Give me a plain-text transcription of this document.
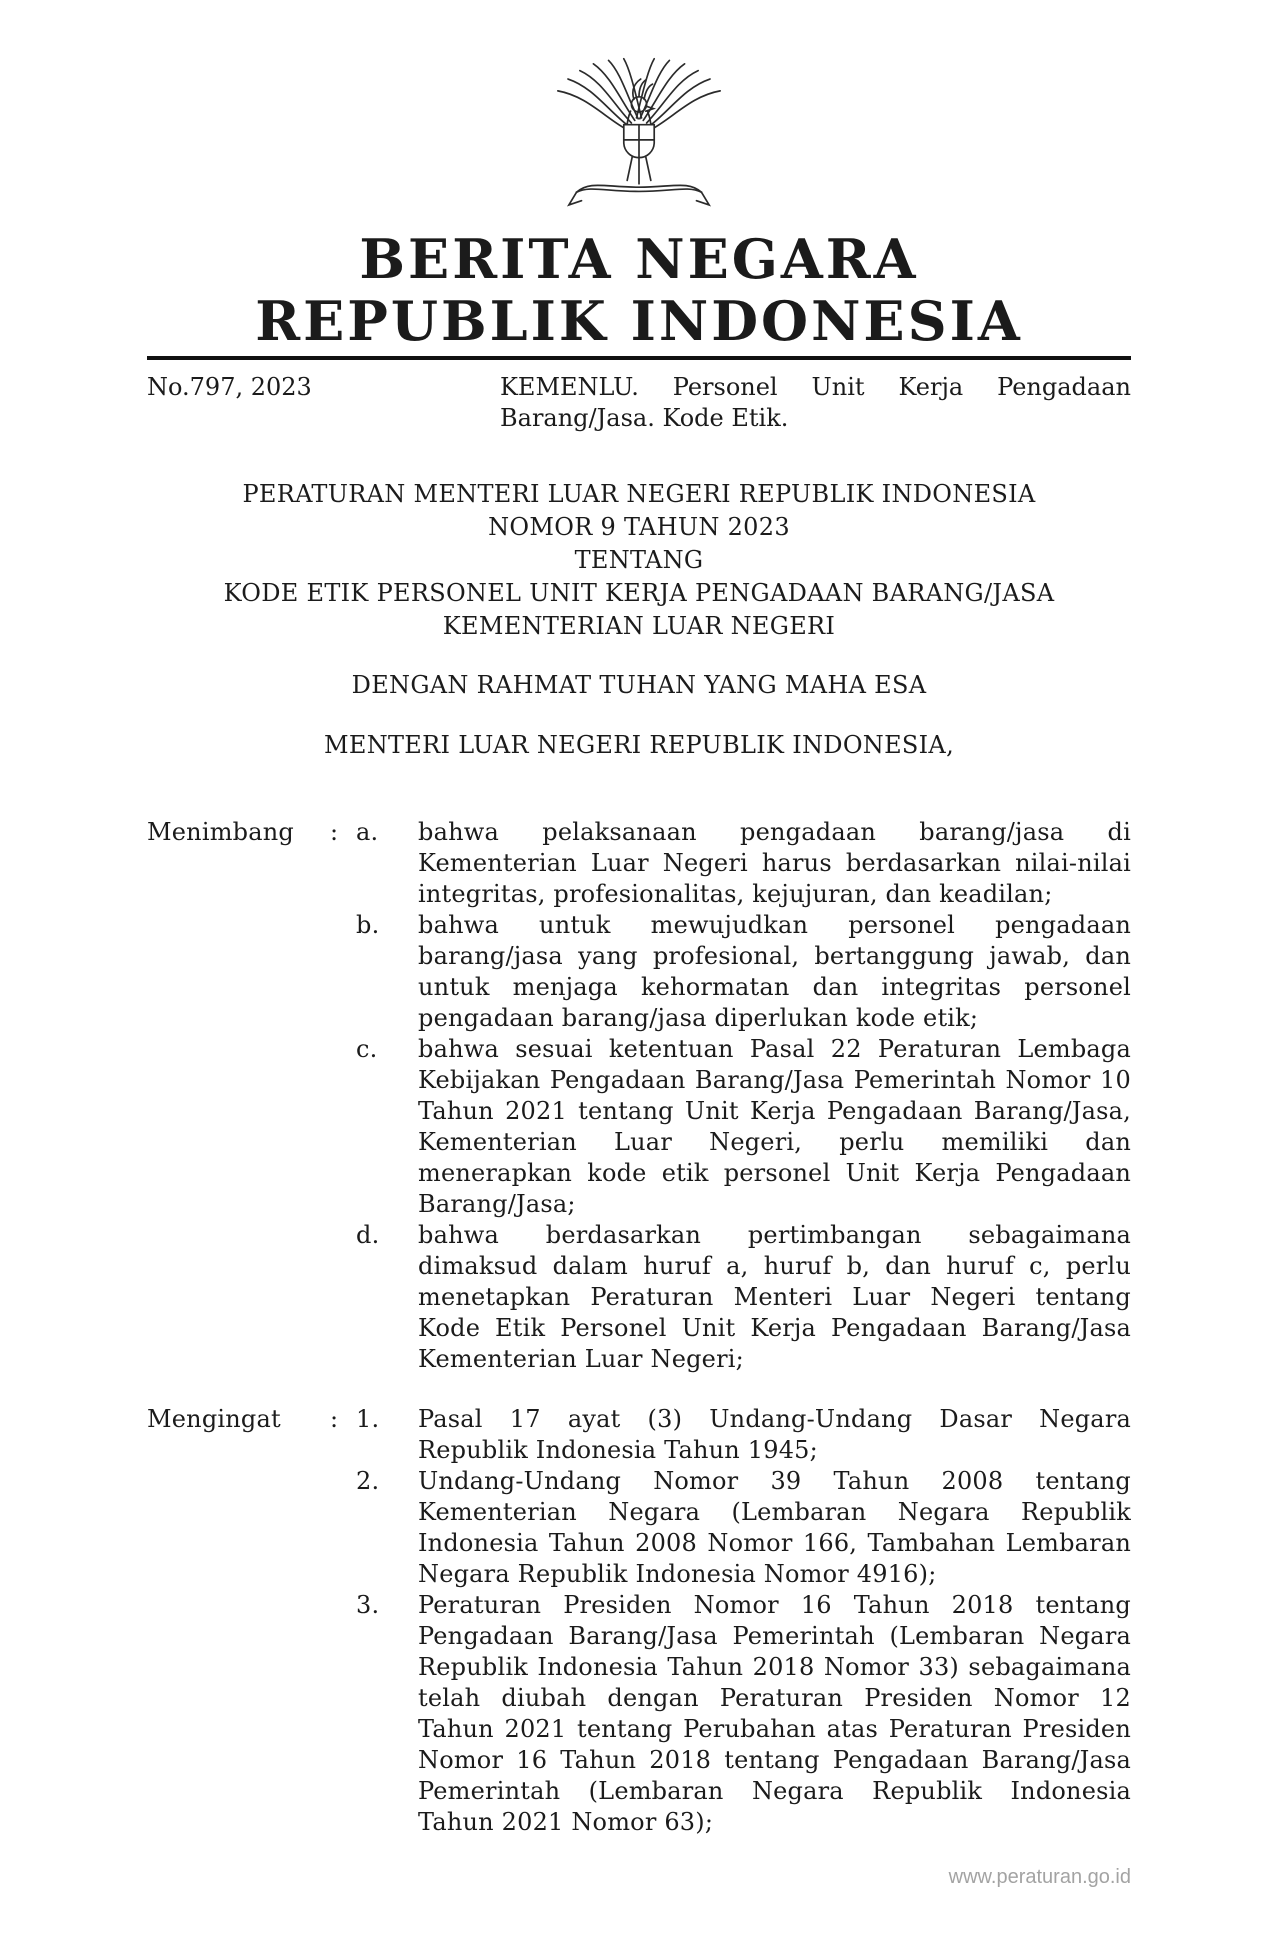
BERITA NEGARA
REPUBLIK INDONESIA
No.797, 2023	KEMENLU. Personel Unit Kerja Pengadaan Barang/Jasa. Kode Etik.
PERATURAN MENTERI LUAR NEGERI REPUBLIK INDONESIA
NOMOR 9 TAHUN 2023
TENTANG
KODE ETIK PERSONEL UNIT KERJA PENGADAAN BARANG/JASA
KEMENTERIAN LUAR NEGERI
DENGAN RAHMAT TUHAN YANG MAHA ESA
MENTERI LUAR NEGERI REPUBLIK INDONESIA,
Menimbang	: a.	bahwa pelaksanaan pengadaan barang/jasa di Kementerian Luar Negeri harus berdasarkan nilai-nilai integritas, profesionalitas, kejujuran, dan keadilan;
b.	bahwa untuk mewujudkan personel pengadaan barang/jasa yang profesional, bertanggung jawab, dan untuk menjaga kehormatan dan integritas personel pengadaan barang/jasa diperlukan kode etik;
c.	bahwa sesuai ketentuan Pasal 22 Peraturan Lembaga Kebijakan Pengadaan Barang/Jasa Pemerintah Nomor 10 Tahun 2021 tentang Unit Kerja Pengadaan Barang/Jasa, Kementerian Luar Negeri, perlu memiliki dan menerapkan kode etik personel Unit Kerja Pengadaan Barang/Jasa;
d.	bahwa berdasarkan pertimbangan sebagaimana dimaksud dalam huruf a, huruf b, dan huruf c, perlu menetapkan Peraturan Menteri Luar Negeri tentang Kode Etik Personel Unit Kerja Pengadaan Barang/Jasa Kementerian Luar Negeri;
Mengingat	: 1.	Pasal 17 ayat (3) Undang-Undang Dasar Negara Republik Indonesia Tahun 1945;
2.	Undang-Undang Nomor 39 Tahun 2008 tentang Kementerian Negara (Lembaran Negara Republik Indonesia Tahun 2008 Nomor 166, Tambahan Lembaran Negara Republik Indonesia Nomor 4916);
3.	Peraturan Presiden Nomor 16 Tahun 2018 tentang Pengadaan Barang/Jasa Pemerintah (Lembaran Negara Republik Indonesia Tahun 2018 Nomor 33) sebagaimana telah diubah dengan Peraturan Presiden Nomor 12 Tahun 2021 tentang Perubahan atas Peraturan Presiden Nomor 16 Tahun 2018 tentang Pengadaan Barang/Jasa Pemerintah (Lembaran Negara Republik Indonesia Tahun 2021 Nomor 63);
www.peraturan.go.id
